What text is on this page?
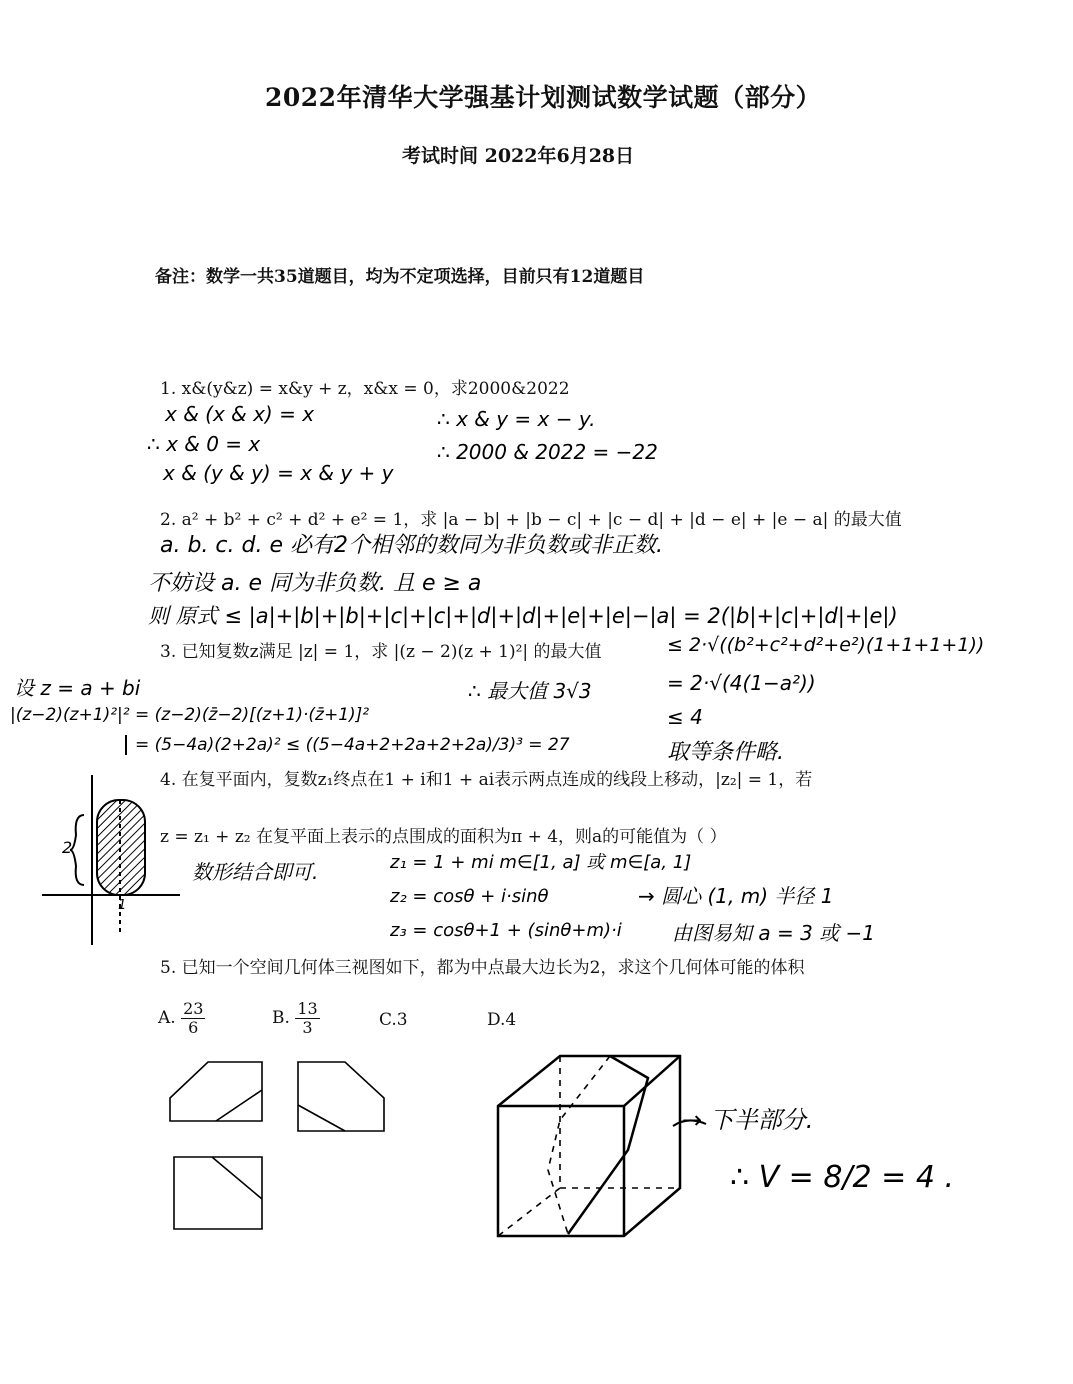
2022年清华大学强基计划测试数学试题（部分）
考试时间 2022年6月28日
备注：数学一共35道题目，均为不定项选择，目前只有12道题目
1. x&(y&z) = x&y + z，x&x = 0，求2000&2022
2. a² + b² + c² + d² + e² = 1，求 |a − b| + |b − c| + |c − d| + |d − e| + |e − a| 的最大值
3. 已知复数z满足 |z| = 1，求 |(z − 2)(z + 1)²| 的最大值
4. 在复平面内，复数z₁终点在1 + i和1 + ai表示两点连成的线段上移动，|z₂| = 1，若
z = z₁ + z₂ 在复平面上表示的点围成的面积为π + 4，则a的可能值为（ ）
5. 已知一个空间几何体三视图如下，都为中点最大边长为2，求这个几何体可能的体积
A. $\frac{23}{6}$	B. $\frac{13}{3}$	C.3	D.4
x & (x & x) = x
∴ x & 0 = x
x & (y & y) = x & y + y
∴ x & y = x − y.
∴ 2000 & 2022 = −22
a. b. c. d. e 必有2个相邻的数同为非负数或非正数.
不妨设 a. e 同为非负数. 且 e ≥ a
则 原式 ≤ |a|+|b|+|b|+|c|+|c|+|d|+|d|+|e|+|e|−|a| = 2(|b|+|c|+|d|+|e|)
≤ 2·√((b²+c²+d²+e²)(1+1+1+1))
= 2·√(4(1−a²))
≤ 4
取等条件略.
设 z = a + bi
|(z−2)(z+1)²|² = (z−2)(z̄−2)[(z+1)·(z̄+1)]²
= (5−4a)(2+2a)² ≤ ((5−4a+2+2a+2+2a)/3)³ = 27
∴ 最大值 3√3
2
1
数形结合即可.	z₁ = 1 + mi m∈[1, a] 或 m∈[a, 1]
z₂ = cosθ + i·sinθ
z₃ = cosθ+1 + (sinθ+m)·i
→ 圆心 (1, m) 半径 1
由图易知 a = 3 或 −1
→ 下半部分.
∴ V = 8/2 = 4 .
